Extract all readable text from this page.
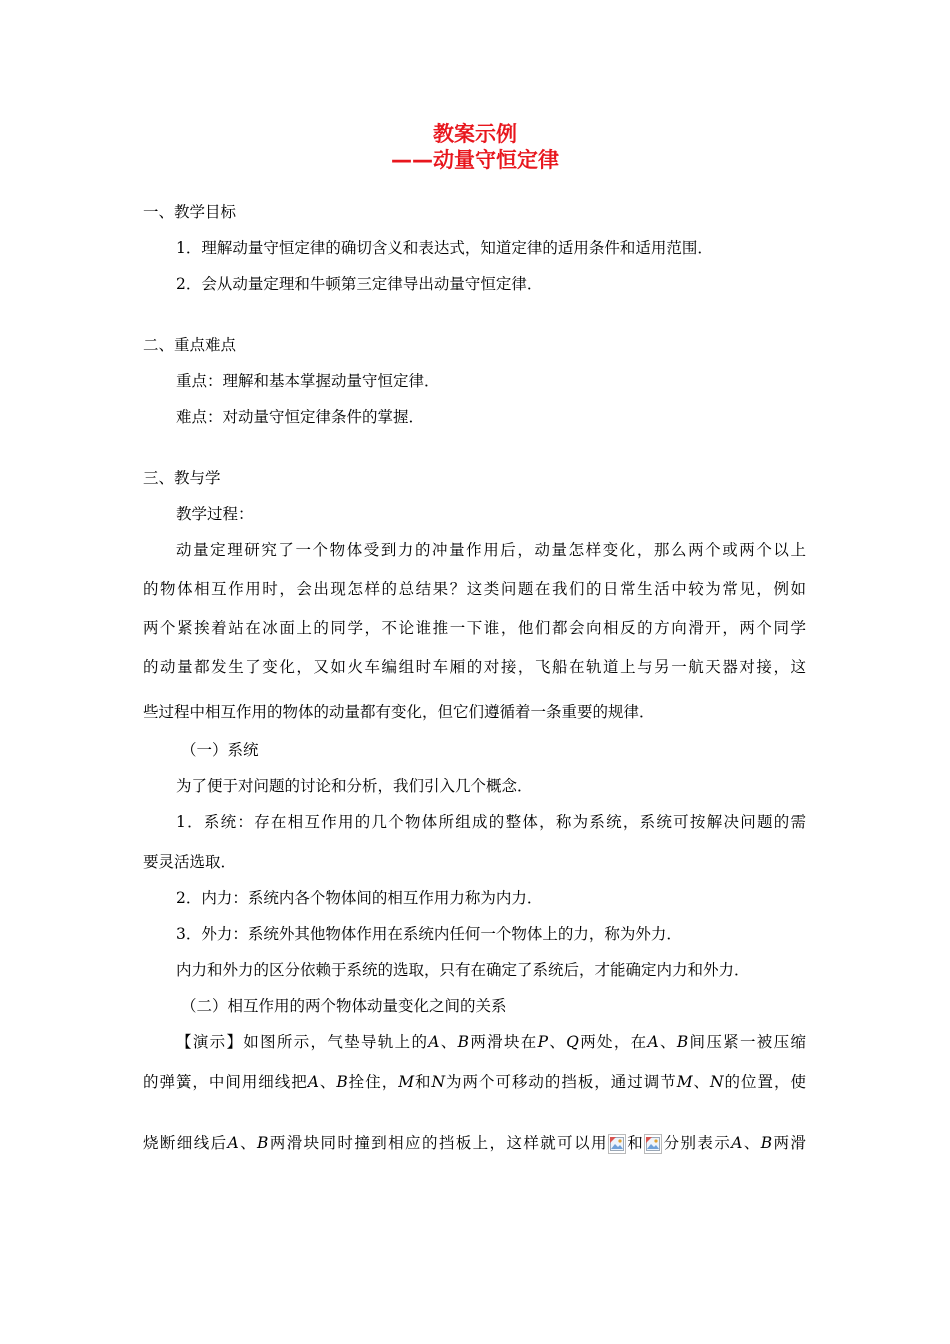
教案示例
——动量守恒定律
一、教学目标
1．理解动量守恒定律的确切含义和表达式，知道定律的适用条件和适用范围．
2．会从动量定理和牛顿第三定律导出动量守恒定律．
二、重点难点
重点：理解和基本掌握动量守恒定律．
难点：对动量守恒定律条件的掌握．
三、教与学
教学过程：
动量定理研究了一个物体受到力的冲量作用后，动量怎样变化，那么两个或两个以上
的物体相互作用时，会出现怎样的总结果？这类问题在我们的日常生活中较为常见，例如
两个紧挨着站在冰面上的同学，不论谁推一下谁，他们都会向相反的方向滑开，两个同学
的动量都发生了变化，又如火车编组时车厢的对接，飞船在轨道上与另一航天器对接，这
些过程中相互作用的物体的动量都有变化，但它们遵循着一条重要的规律．
（一）系统
为了便于对问题的讨论和分析，我们引入几个概念．
1．系统：存在相互作用的几个物体所组成的整体，称为系统，系统可按解决问题的需
要灵活选取．
2．内力：系统内各个物体间的相互作用力称为内力．
3．外力：系统外其他物体作用在系统内任何一个物体上的力，称为外力．
内力和外力的区分依赖于系统的选取，只有在确定了系统后，才能确定内力和外力．
（二）相互作用的两个物体动量变化之间的关系
【演示】如图所示，气垫导轨上的A、B两滑块在P、Q两处，在A、B间压紧一被压缩
的弹簧，中间用细线把A、B拴住，M和N为两个可移动的挡板，通过调节M、N的位置，使
烧断细线后A、B两滑块同时撞到相应的挡板上，这样就可以用 和 分别表示A、B两滑
